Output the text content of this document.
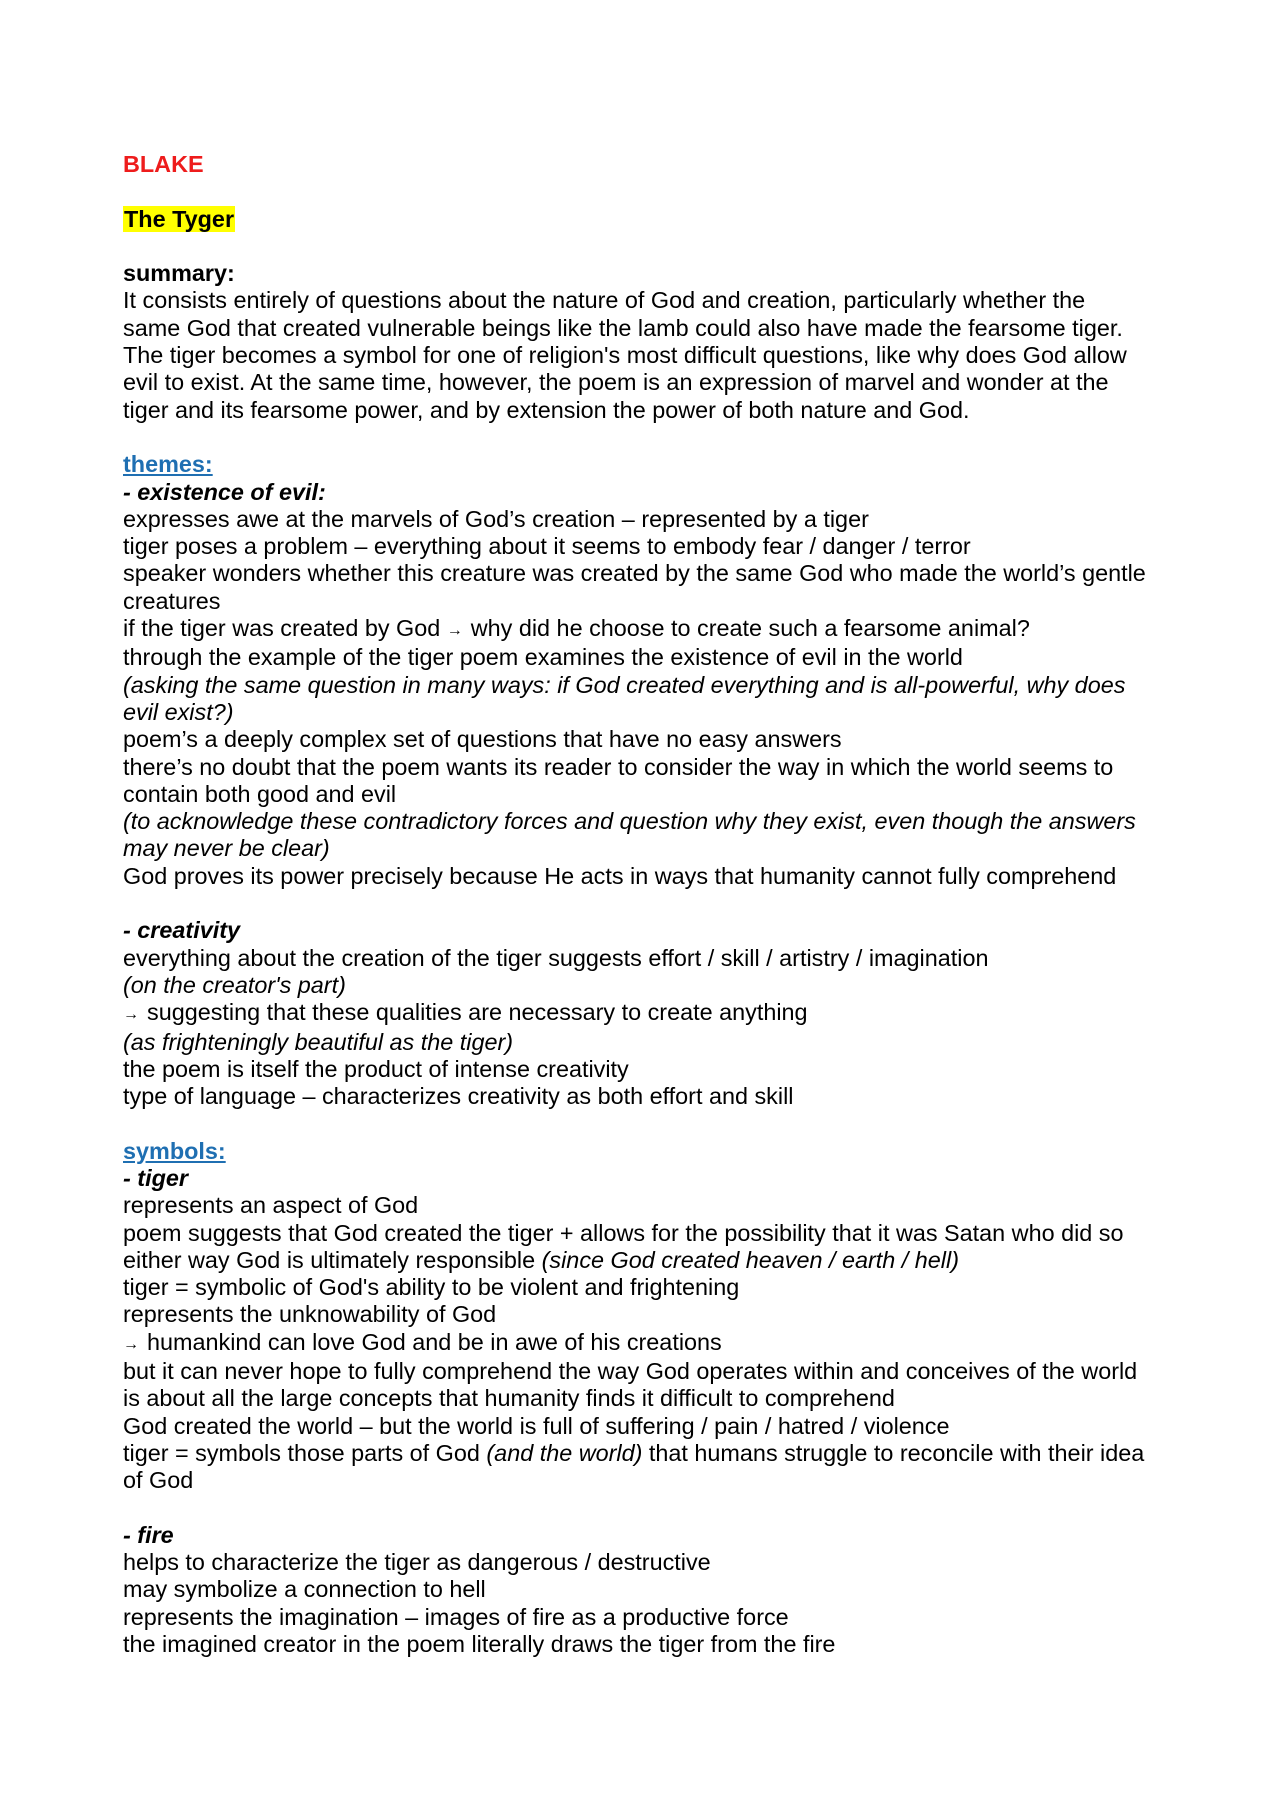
BLAKE
The Tyger
summary:
It consists entirely of questions about the nature of God and creation, particularly whether the
same God that created vulnerable beings like the lamb could also have made the fearsome tiger.
The tiger becomes a symbol for one of religion's most difficult questions, like why does God allow
evil to exist. At the same time, however, the poem is an expression of marvel and wonder at the
tiger and its fearsome power, and by extension the power of both nature and God.
themes:
- existence of evil:
expresses awe at the marvels of God’s creation – represented by a tiger
tiger poses a problem – everything about it seems to embody fear / danger / terror
speaker wonders whether this creature was created by the same God who made the world’s gentle
creatures
if the tiger was created by God → why did he choose to create such a fearsome animal?
through the example of the tiger poem examines the existence of evil in the world
(asking the same question in many ways: if God created everything and is all-powerful, why does
evil exist?)
poem’s a deeply complex set of questions that have no easy answers
there’s no doubt that the poem wants its reader to consider the way in which the world seems to
contain both good and evil
(to acknowledge these contradictory forces and question why they exist, even though the answers
may never be clear)
God proves its power precisely because He acts in ways that humanity cannot fully comprehend
- creativity
everything about the creation of the tiger suggests effort / skill / artistry / imagination
(on the creator's part)
→ suggesting that these qualities are necessary to create anything
(as frighteningly beautiful as the tiger)
the poem is itself the product of intense creativity
type of language – characterizes creativity as both effort and skill
symbols:
- tiger
represents an aspect of God
poem suggests that God created the tiger + allows for the possibility that it was Satan who did so
either way God is ultimately responsible (since God created heaven / earth / hell)
tiger = symbolic of God's ability to be violent and frightening
represents the unknowability of God
→ humankind can love God and be in awe of his creations
but it can never hope to fully comprehend the way God operates within and conceives of the world
is about all the large concepts that humanity finds it difficult to comprehend
God created the world – but the world is full of suffering / pain / hatred / violence
tiger = symbols those parts of God (and the world) that humans struggle to reconcile with their idea
of God
- fire
helps to characterize the tiger as dangerous / destructive
may symbolize a connection to hell
represents the imagination – images of fire as a productive force
the imagined creator in the poem literally draws the tiger from the fire
